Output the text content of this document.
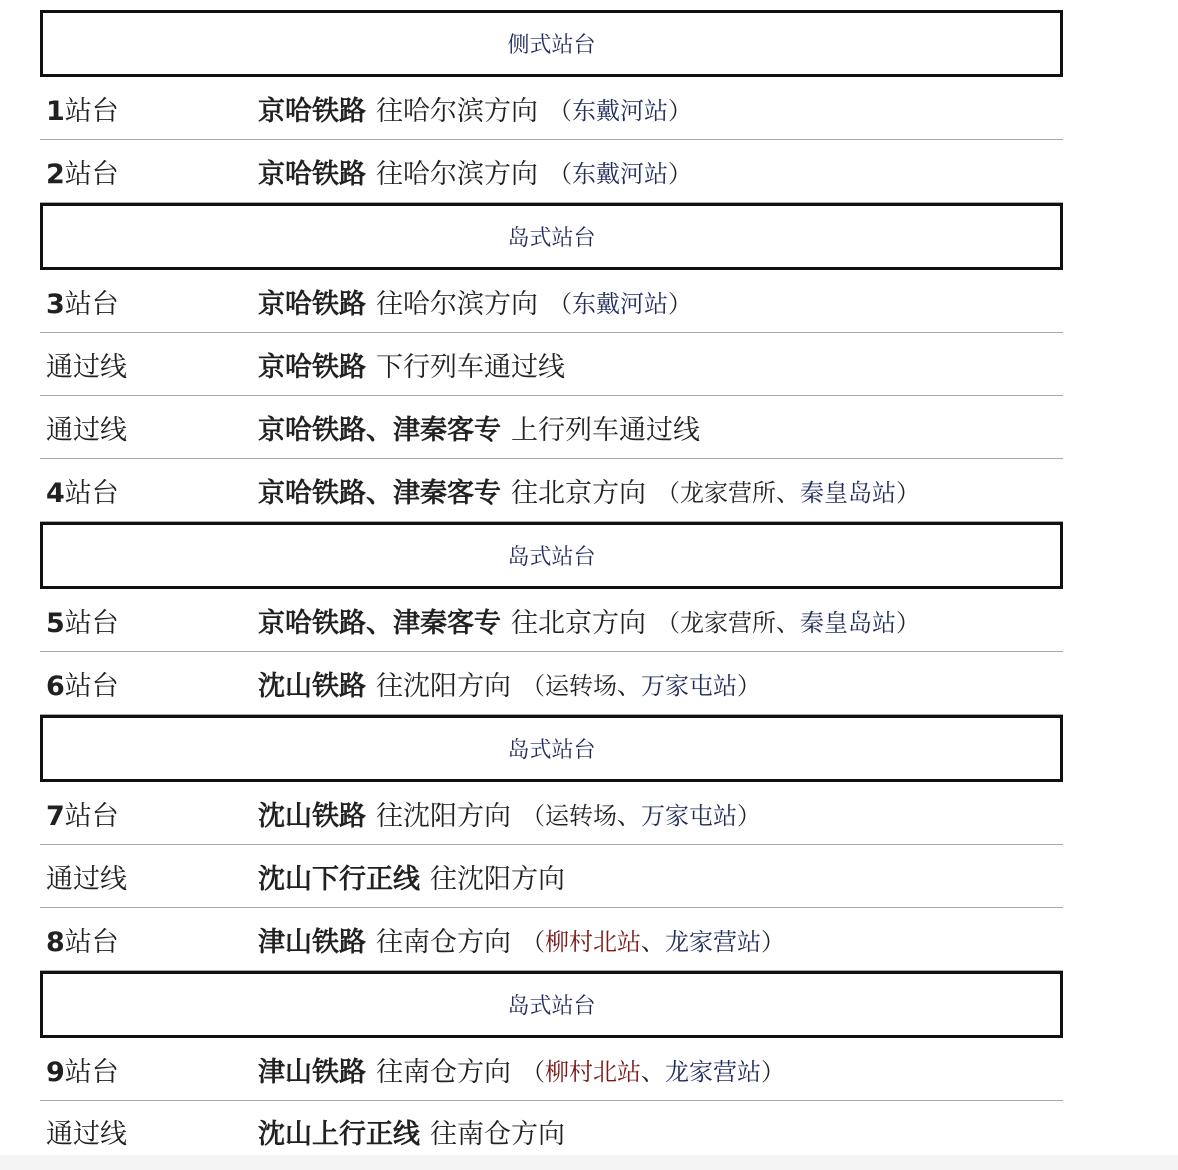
侧式站台
1站台	京哈铁路 往哈尔滨方向 （ 东戴河站 ）
2站台	京哈铁路 往哈尔滨方向 （ 东戴河站 ）
岛式站台
3站台	京哈铁路 往哈尔滨方向 （ 东戴河站 ）
通过线	京哈铁路 下行列车通过线
通过线	京哈铁路、津秦客专 上行列车通过线
4站台	京哈铁路、津秦客专 往北京方向 （ 龙家营所 、 秦皇岛站 ）
岛式站台
5站台	京哈铁路、津秦客专 往北京方向 （ 龙家营所 、 秦皇岛站 ）
6站台	沈山铁路 往沈阳方向 （ 运转场 、 万家屯站 ）
岛式站台
7站台	沈山铁路 往沈阳方向 （ 运转场 、 万家屯站 ）
通过线	沈山下行正线 往沈阳方向
8站台	津山铁路 往南仓方向 （ 柳村北站 、 龙家营站 ）
岛式站台
9站台	津山铁路 往南仓方向 （ 柳村北站 、 龙家营站 ）
通过线	沈山上行正线 往南仓方向
